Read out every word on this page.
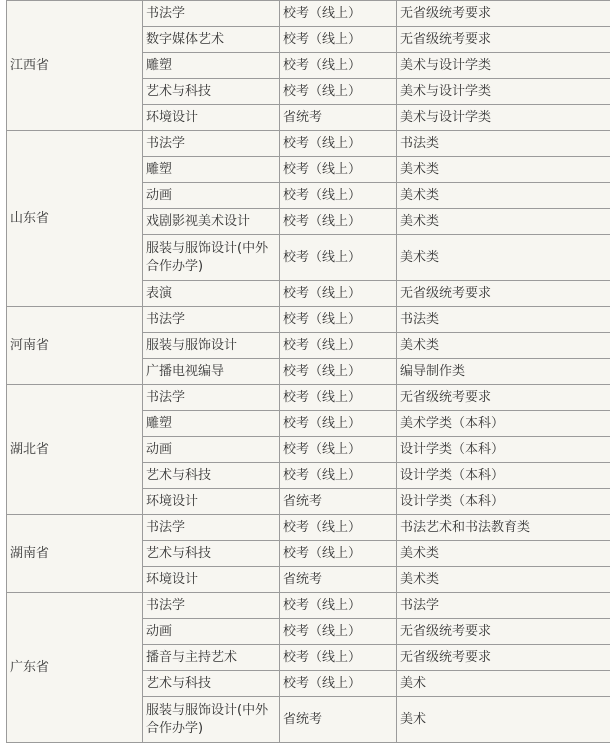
江西省	书法学	校考（线上）	无省级统考要求
	数字媒体艺术	校考（线上）	无省级统考要求
	雕塑	校考（线上）	美术与设计学类
	艺术与科技	校考（线上）	美术与设计学类
	环境设计	省统考	美术与设计学类
山东省	书法学	校考（线上）	书法类
	雕塑	校考（线上）	美术类
	动画	校考（线上）	美术类
	戏剧影视美术设计	校考（线上）	美术类
	服装与服饰设计(中外合作办学)	校考（线上）	美术类
	表演	校考（线上）	无省级统考要求
河南省	书法学	校考（线上）	书法类
	服装与服饰设计	校考（线上）	美术类
	广播电视编导	校考（线上）	编导制作类
湖北省	书法学	校考（线上）	无省级统考要求
	雕塑	校考（线上）	美术学类（本科）
	动画	校考（线上）	设计学类（本科）
	艺术与科技	校考（线上）	设计学类（本科）
	环境设计	省统考	设计学类（本科）
湖南省	书法学	校考（线上）	书法艺术和书法教育类
	艺术与科技	校考（线上）	美术类
	环境设计	省统考	美术类
广东省	书法学	校考（线上）	书法学
	动画	校考（线上）	无省级统考要求
	播音与主持艺术	校考（线上）	无省级统考要求
	艺术与科技	校考（线上）	美术
	服装与服饰设计(中外合作办学)	省统考	美术
